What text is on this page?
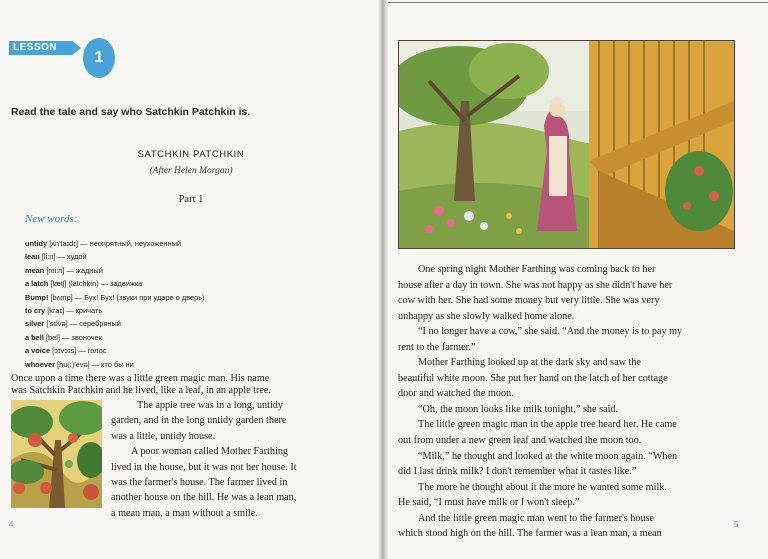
LESSON
1
Read the tale and say who Satchkin Patchkin is.
SATCHKIN PATCHKIN
(After Helen Morgan)
Part 1
New words:
untidy [ʌn'taɪdɪ] — неопрятный, неухоженный
lean [li:n] — худой
mean [mi:n] — жадный
a latch [lætʃ] (latchkin) — задвижка
Bump! [bʌmp] — Бух! Бух! (звуки при ударе о дверь)
to cry [kraɪ] — кричать
silver ['sɪlvə] — серебряный
a bell [bel] — звоночек
a voice [ɔɪvɔɪs] — голос
whoever [hu(:)'evə] — кто бы ни
Once upon a time there was a little green magic man. His name
was Satchkin Patchkin and he lived, like a leaf, in an apple tree.
The apple tree was in a long, untidy
garden, and in the long untidy garden there
was a little, untidy house.
A poor woman called Mother Farthing
lived in the house, but it was not her house. It
was the farmer's house. The farmer lived in
another house on the hill. He was a lean man,
a mean man, a man without a smile.
4
One spring night Mother Farthing was coming back to her
house after a day in town. She was not happy as she didn't have her
cow with her. She had some money but very little. She was very
unhappy as she slowly walked home alone.
“I no longer have a cow,” she said. “And the money is to pay my
rent to the farmer.”
Mother Farthing looked up at the dark sky and saw the
beautiful white moon. She put her hand on the latch of her cottage
door and watched the moon.
“Oh, the moon looks like milk tonight,” she said.
The little green magic man in the apple tree heard her. He came
out from under a new green leaf and watched the moon too.
“Milk,” he thought and looked at the white moon again. “When
did I last drink milk? I don't remember what it tastes like.”
The more he thought about it the more he wanted some milk.
He said, “I must have milk or I won't sleep.”
And the little green magic man went to the farmer's house
which stood high on the hill. The farmer was a lean man, a mean
5
